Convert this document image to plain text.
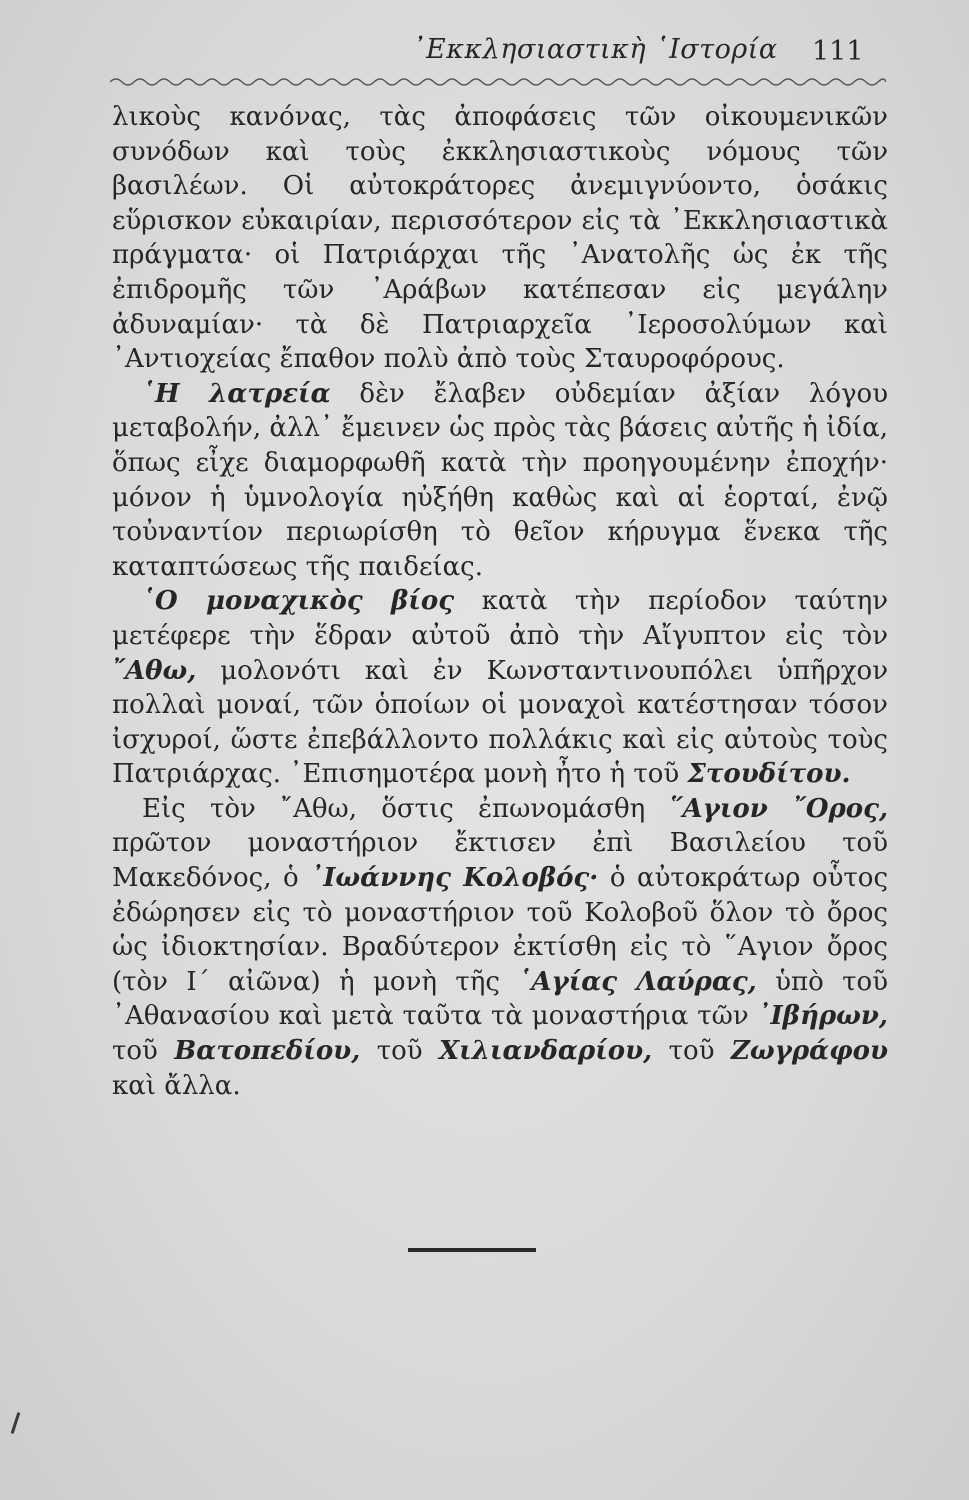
᾿Εκκλησιαστικὴ ῾Ιστορία 111

λικοὺς κανόνας, τὰς ἀποφάσεις τῶν οἰκουμενικῶν συνόδων καὶ τοὺς ἐκκλησιαστικοὺς νόμους τῶν βασιλέων. Οἱ αὐτοκράτορες ἀνεμιγνύοντο, ὁσάκις εὕρισκον εὐκαιρίαν, περισσότερον εἰς τὰ ᾿Εκκλησιαστικὰ πράγματα· οἱ Πατριάρχαι τῆς ᾿Ανατολῆς ὡς ἐκ τῆς ἐπιδρομῆς τῶν ᾿Αράβων κατέπεσαν εἰς μεγάλην ἀδυναμίαν· τὰ δὲ Πατριαρχεῖα ᾿Ιεροσολύμων καὶ ᾿Αντιοχείας ἔπαθον πολὺ ἀπὸ τοὺς Σταυροφόρους.

῾Η λατρεία δὲν ἔλαβεν οὐδεμίαν ἀξίαν λόγου μεταβολήν, ἀλλ᾿ ἔμεινεν ὡς πρὸς τὰς βάσεις αὐτῆς ἡ ἰδία, ὅπως εἶχε διαμορφωθῆ κατὰ τὴν προηγουμένην ἐποχήν· μόνον ἡ ὑμνολογία ηὐξήθη καθὼς καὶ αἱ ἑορταί, ἐνῷ τοὐναντίον περιωρίσθη τὸ θεῖον κήρυγμα ἕνεκα τῆς καταπτώσεως τῆς παιδείας.

῾Ο μοναχικὸς βίος κατὰ τὴν περίοδον ταύτην μετέφερε τὴν ἕδραν αὐτοῦ ἀπὸ τὴν Αἴγυπτον εἰς τὸν ῎Αθω, μολονότι καὶ ἐν Κωνσταντινουπόλει ὑπῆρχον πολλαὶ μοναί, τῶν ὁποίων οἱ μοναχοὶ κατέστησαν τόσον ἰσχυροί, ὥστε ἐπεβάλλοντο πολλάκις καὶ εἰς αὐτοὺς τοὺς Πατριάρχας. ᾿Επισημοτέρα μονὴ ἦτο ἡ τοῦ Στουδίτου.

Εἰς τὸν ῎Αθω, ὅστις ἐπωνομάσθη ῞Αγιον ῎Ορος, πρῶτον μοναστήριον ἔκτισεν ἐπὶ Βασιλείου τοῦ Μακεδόνος, ὁ ᾿Ιωάννης Κολοβός· ὁ αὐτοκράτωρ οὗτος ἐδώρησεν εἰς τὸ μοναστήριον τοῦ Κολοβοῦ ὅλον τὸ ὄρος ὡς ἰδιοκτησίαν. Βραδύτερον ἐκτίσθη εἰς τὸ ῞Αγιον ὄρος (τὸν Ι΄ αἰῶνα) ἡ μονὴ τῆς ῾Αγίας Λαύρας, ὑπὸ τοῦ ᾿Αθανασίου καὶ μετὰ ταῦτα τὰ μοναστήρια τῶν ᾿Ιβήρων, τοῦ Βατοπεδίου, τοῦ Χιλιανδαρίου, τοῦ Ζωγράφου καὶ ἄλλα.
